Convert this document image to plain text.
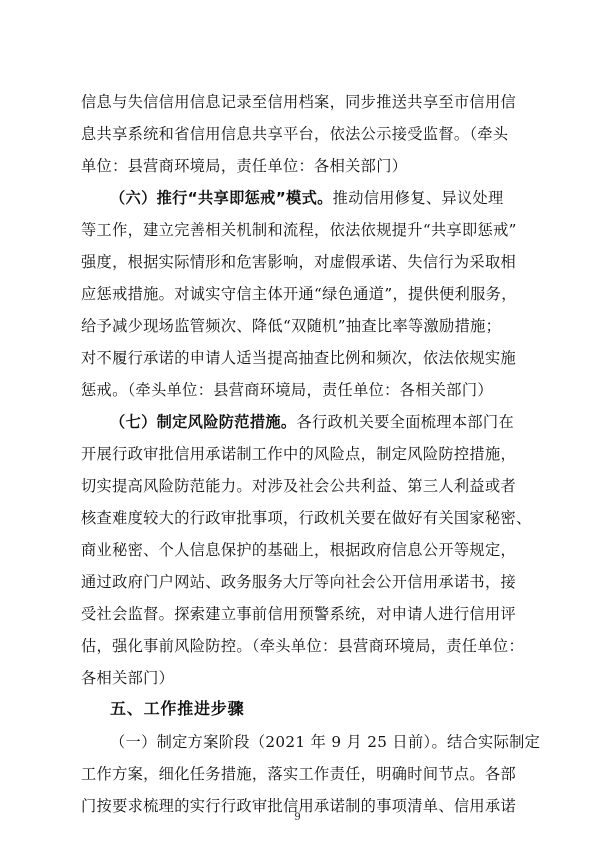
信息与失信信用信息记录至信用档案，同步推送共享至市信用信
息共享系统和省信用信息共享平台，依法公示接受监督。（牵头
单位：县营商环境局，责任单位：各相关部门）
（六）推行“共享即惩戒”模式。推动信用修复、异议处理
等工作，建立完善相关机制和流程，依法依规提升“共享即惩戒”
强度，根据实际情形和危害影响，对虚假承诺、失信行为采取相
应惩戒措施。对诚实守信主体开通“绿色通道”，提供便利服务，
给予减少现场监管频次、降低“双随机”抽查比率等激励措施；
对不履行承诺的申请人适当提高抽查比例和频次，依法依规实施
惩戒。（牵头单位：县营商环境局，责任单位：各相关部门）
（七）制定风险防范措施。各行政机关要全面梳理本部门在
开展行政审批信用承诺制工作中的风险点，制定风险防控措施，
切实提高风险防范能力。对涉及社会公共利益、第三人利益或者
核查难度较大的行政审批事项，行政机关要在做好有关国家秘密、
商业秘密、个人信息保护的基础上，根据政府信息公开等规定，
通过政府门户网站、政务服务大厅等向社会公开信用承诺书，接
受社会监督。探索建立事前信用预警系统，对申请人进行信用评
估，强化事前风险防控。（牵头单位：县营商环境局，责任单位：
各相关部门）
五、工作推进步骤
（一）制定方案阶段（2021 年 9 月 25 日前）。结合实际制定
工作方案，细化任务措施，落实工作责任，明确时间节点。各部
门按要求梳理的实行行政审批信用承诺制的事项清单、信用承诺
9
